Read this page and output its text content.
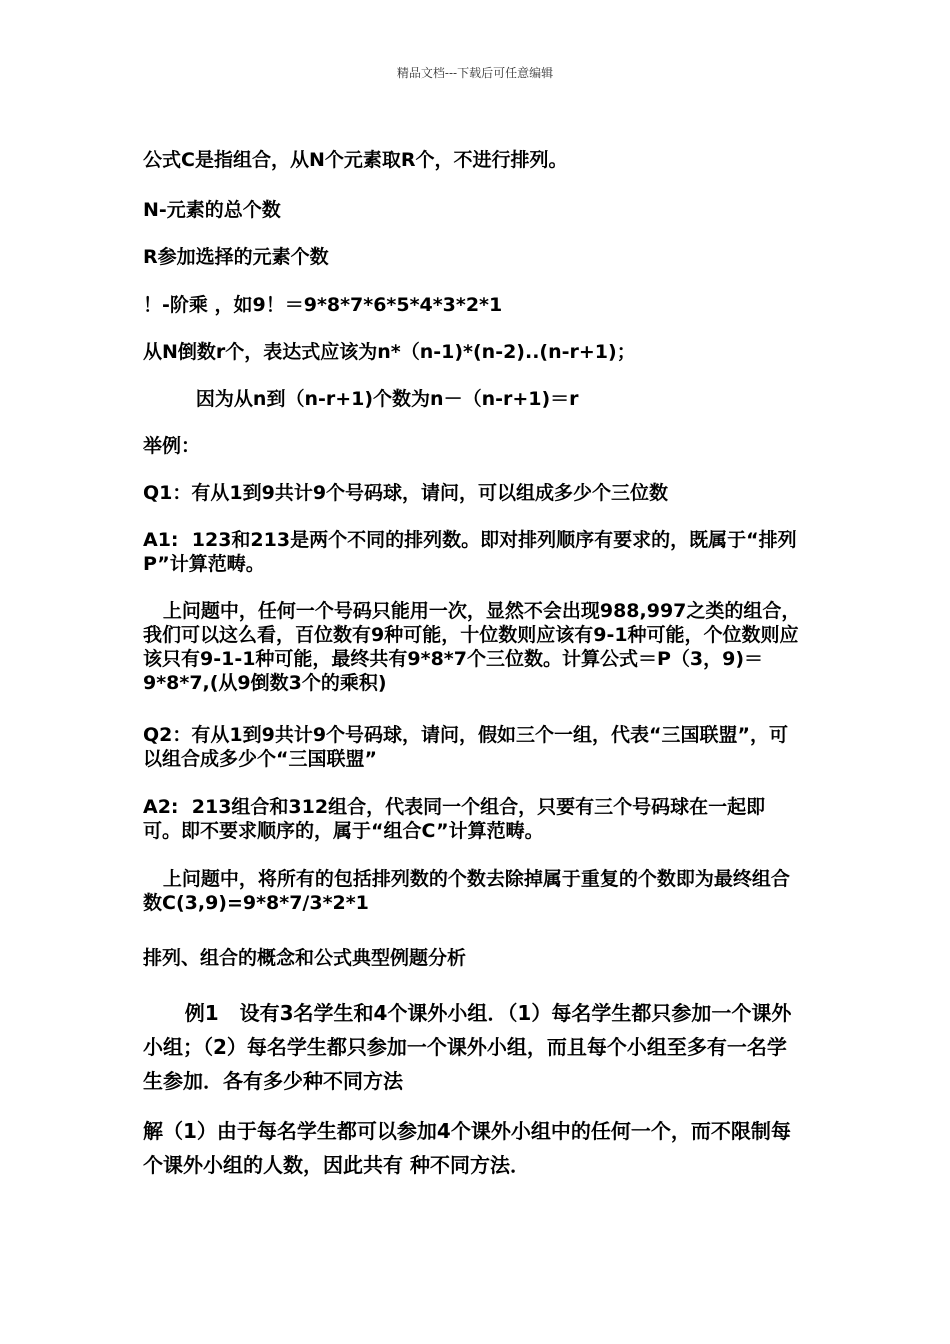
精品文档---下载后可任意编辑
公式C是指组合，从N个元素取R个，不进行排列。
N-元素的总个数
R参加选择的元素个数
！-阶乘 ，如9！＝9*8*7*6*5*4*3*2*1
从N倒数r个，表达式应该为n*（n-1)*(n-2)..(n-r+1)；
因为从n到（n-r+1)个数为n－（n-r+1)＝r
举例：
Q1：有从1到9共计9个号码球，请问，可以组成多少个三位数
A1:  123和213是两个不同的排列数。即对排列顺序有要求的，既属于“排列P”计算范畴。
上问题中，任何一个号码只能用一次，显然不会出现988,997之类的组合， 我们可以这么看，百位数有9种可能，十位数则应该有9-1种可能，个位数则应该只有9-1-1种可能，最终共有9*8*7个三位数。计算公式＝P（3，9)＝9*8*7,(从9倒数3个的乘积)
Q2：有从1到9共计9个号码球，请问，假如三个一组，代表“三国联盟”，可以组合成多少个“三国联盟”
A2:  213组合和312组合，代表同一个组合，只要有三个号码球在一起即可。即不要求顺序的，属于“组合C”计算范畴。
上问题中，将所有的包括排列数的个数去除掉属于重复的个数即为最终组合数C(3,9)=9*8*7/3*2*1
排列、组合的概念和公式典型例题分析
例1   设有3名学生和4个课外小组．（1）每名学生都只参加一个课外小组；（2）每名学生都只参加一个课外小组，而且每个小组至多有一名学生参加．各有多少种不同方法
解（1）由于每名学生都可以参加4个课外小组中的任何一个，而不限制每个课外小组的人数，因此共有 种不同方法．
